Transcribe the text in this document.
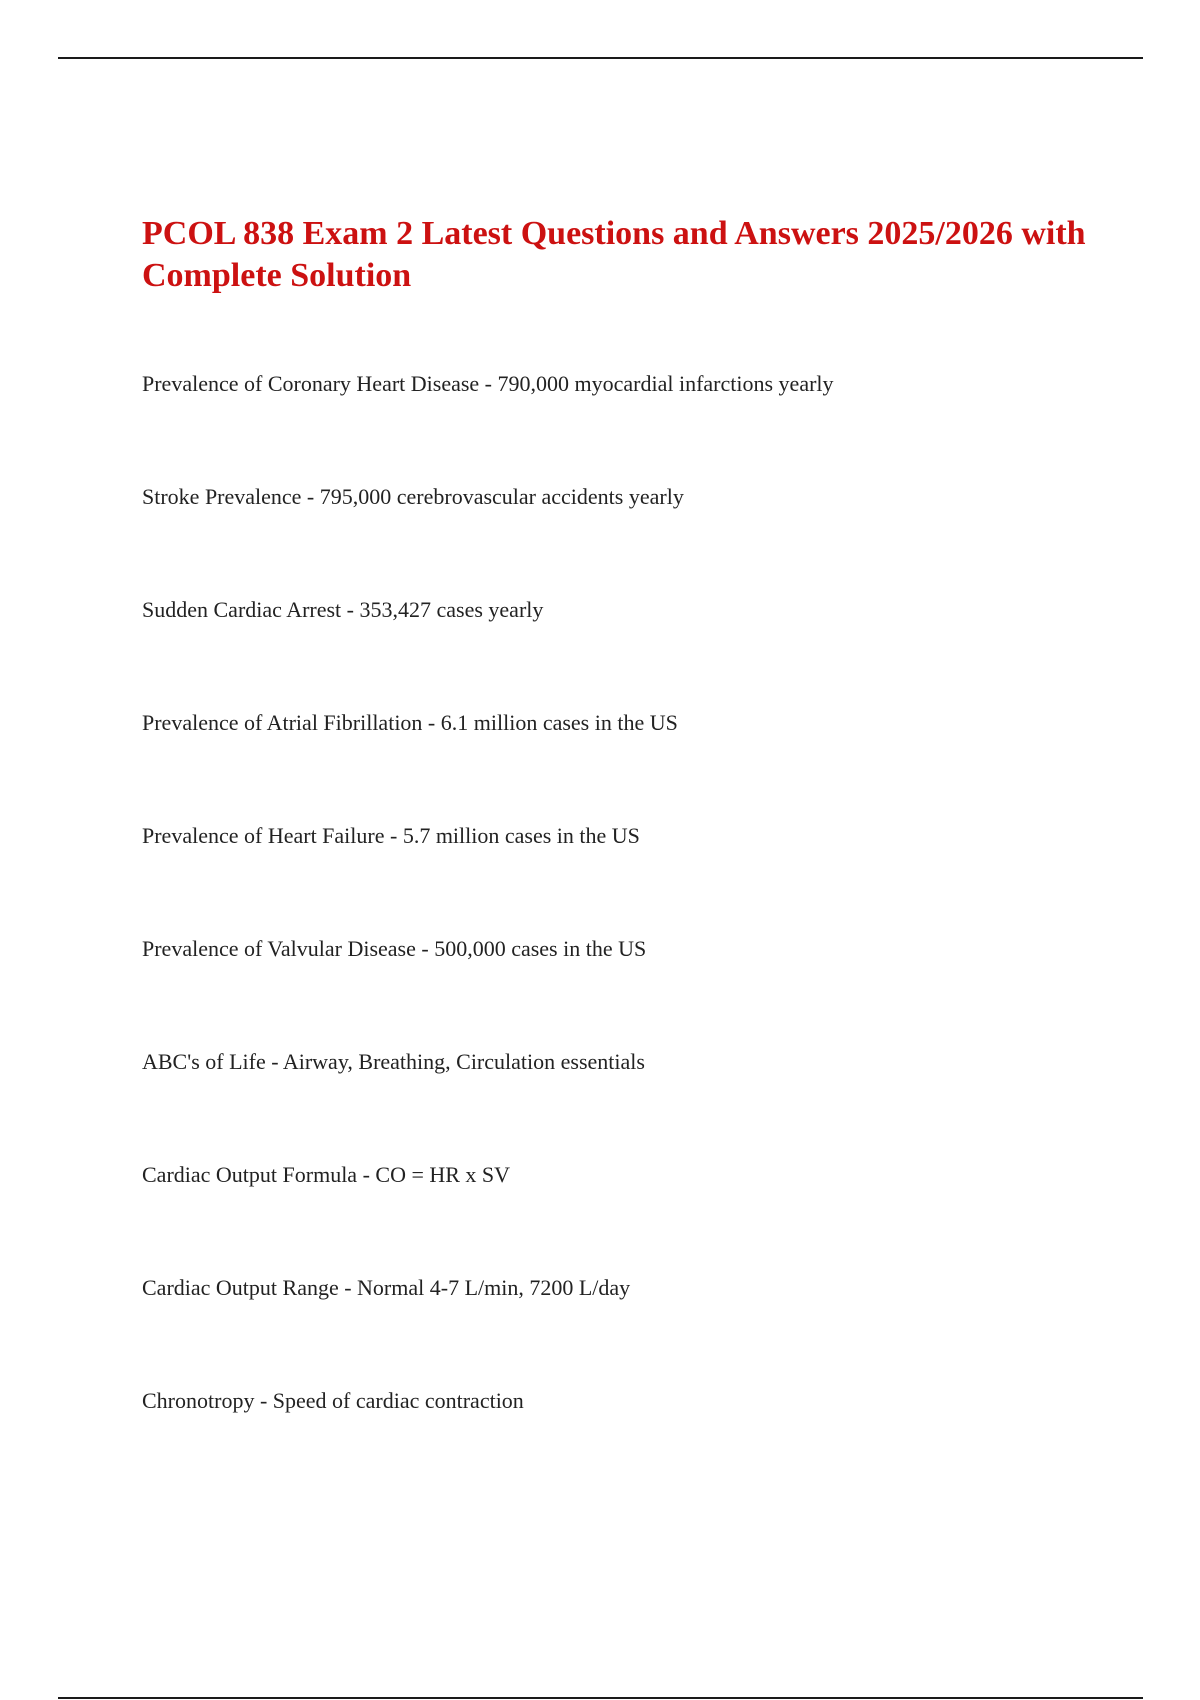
PCOL 838 Exam 2 Latest Questions and Answers 2025/2026 with Complete Solution
Prevalence of Coronary Heart Disease - 790,000 myocardial infarctions yearly
Stroke Prevalence - 795,000 cerebrovascular accidents yearly
Sudden Cardiac Arrest - 353,427 cases yearly
Prevalence of Atrial Fibrillation - 6.1 million cases in the US
Prevalence of Heart Failure - 5.7 million cases in the US
Prevalence of Valvular Disease - 500,000 cases in the US
ABC's of Life - Airway, Breathing, Circulation essentials
Cardiac Output Formula - CO = HR x SV
Cardiac Output Range - Normal 4-7 L/min, 7200 L/day
Chronotropy - Speed of cardiac contraction
